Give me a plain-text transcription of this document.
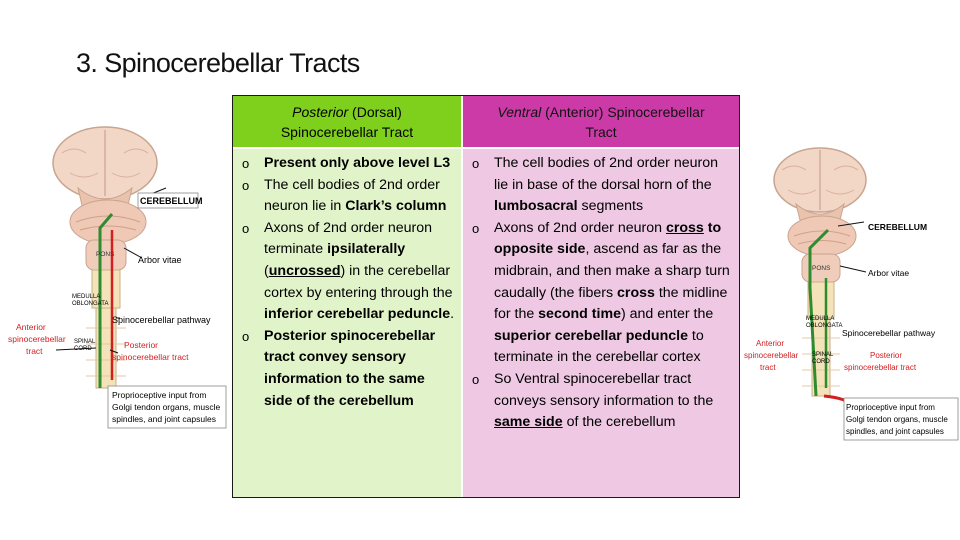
3. Spinocerebellar Tracts
CEREBELLUM
PONS
Arbor vitae
MEDULLA
OBLONGATA
SPINAL
CORD
Spinocerebellar pathway
Anterior
spinocerebellar
tract
Posterior
spinocerebellar tract
Proprioceptive input from
Golgi tendon organs, muscle
spindles, and joint capsules
Posterior (Dorsal)
Spinocerebellar Tract
Ventral (Anterior) Spinocerebellar
Tract
o Present only above level L3
o The cell bodies of 2nd order neuron lie in Clark’s column
o Axons of 2nd order neuron terminate ipsilaterally (uncrossed) in the cerebellar cortex by entering through the inferior cerebellar peduncle.
o Posterior spinocerebellar tract convey sensory information to the same side of the cerebellum
o The cell bodies of 2nd order neuron lie in base of the dorsal horn of the lumbosacral segments
o Axons of 2nd order neuron cross to opposite side, ascend as far as the midbrain, and then make a sharp turn caudally (the fibers cross the midline for the second time) and enter the superior cerebellar peduncle to terminate in the cerebellar cortex
o So Ventral spinocerebellar tract conveys sensory information to the same side of the cerebellum
CEREBELLUM
PONS	Arbor vitae
MEDULLA
OBLONGATA
SPINAL
CORD
Spinocerebellar pathway
Anterior
spinocerebellar
tract
Posterior
spinocerebellar tract
Proprioceptive input from
Golgi tendon organs, muscle
spindles, and joint capsules
